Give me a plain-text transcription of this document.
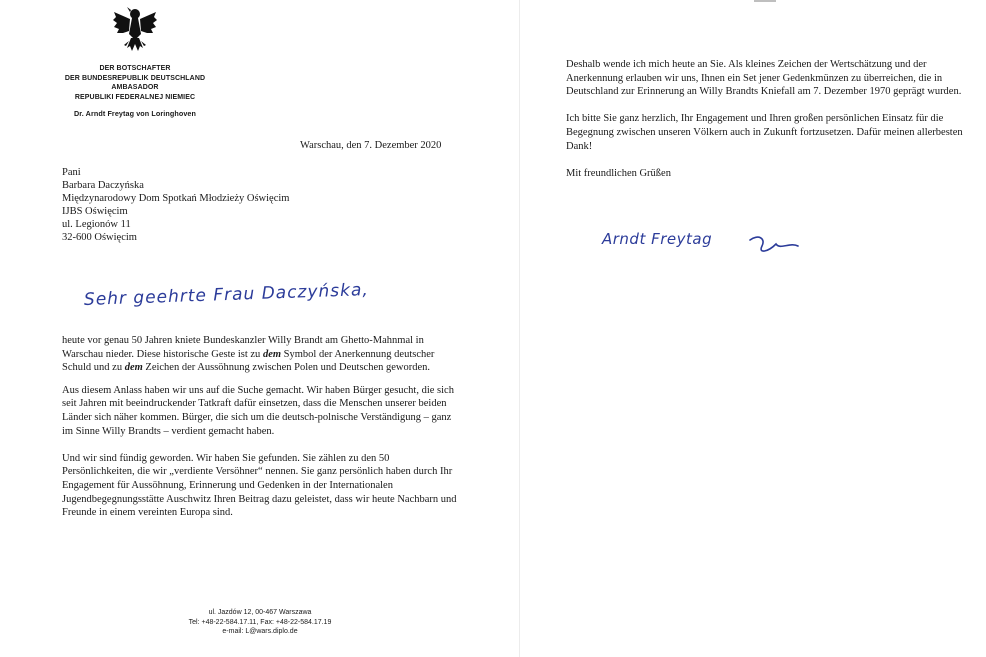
DER BOTSCHAFTER
DER BUNDESREPUBLIK DEUTSCHLAND
AMBASADOR
REPUBLIKI FEDERALNEJ NIEMIEC
Dr. Arndt Freytag von Loringhoven
Warschau, den 7. Dezember 2020
Pani
Barbara Daczyńska
Międzynarodowy Dom Spotkań Młodzieży Oświęcim
IJBS Oświęcim
ul. Legionów 11
32-600 Oświęcim
Sehr geehrte Frau Daczyńska,

heute vor genau 50 Jahren kniete Bundeskanzler Willy Brandt am Ghetto-Mahnmal in Warschau nieder. Diese historische Geste ist zu dem Symbol der Anerkennung deutscher Schuld und zu dem Zeichen der Aussöhnung zwischen Polen und Deutschen geworden.

Aus diesem Anlass haben wir uns auf die Suche gemacht. Wir haben Bürger gesucht, die sich seit Jahren mit beeindruckender Tatkraft dafür einsetzen, dass die Menschen unserer beiden Länder sich näher kommen. Bürger, die sich um die deutsch-polnische Verständigung – ganz im Sinne Willy Brandts – verdient gemacht haben.

Und wir sind fündig geworden. Wir haben Sie gefunden. Sie zählen zu den 50 Persönlichkeiten, die wir „verdiente Versöhner“ nennen. Sie ganz persönlich haben durch Ihr Engagement für Aussöhnung, Erinnerung und Gedenken in der Internationalen Jugendbegegnungsstätte Auschwitz Ihren Beitrag dazu geleistet, dass wir heute Nachbarn und Freunde in einem vereinten Europa sind.

ul. Jazdów 12, 00-467 Warszawa
Tel: +48-22-584.17.11, Fax: +48-22-584.17.19
e-mail: L@wars.diplo.de

Deshalb wende ich mich heute an Sie. Als kleines Zeichen der Wertschätzung und der Anerkennung erlauben wir uns, Ihnen ein Set jener Gedenkmünzen zu überreichen, die in Deutschland zur Erinnerung an Willy Brandts Kniefall am 7. Dezember 1970 geprägt wurden.

Ich bitte Sie ganz herzlich, Ihr Engagement und Ihren großen persönlichen Einsatz für die Begegnung zwischen unseren Völkern auch in Zukunft fortzusetzen. Dafür meinen allerbesten Dank!

Mit freundlichen Grüßen

Arndt Freytag
